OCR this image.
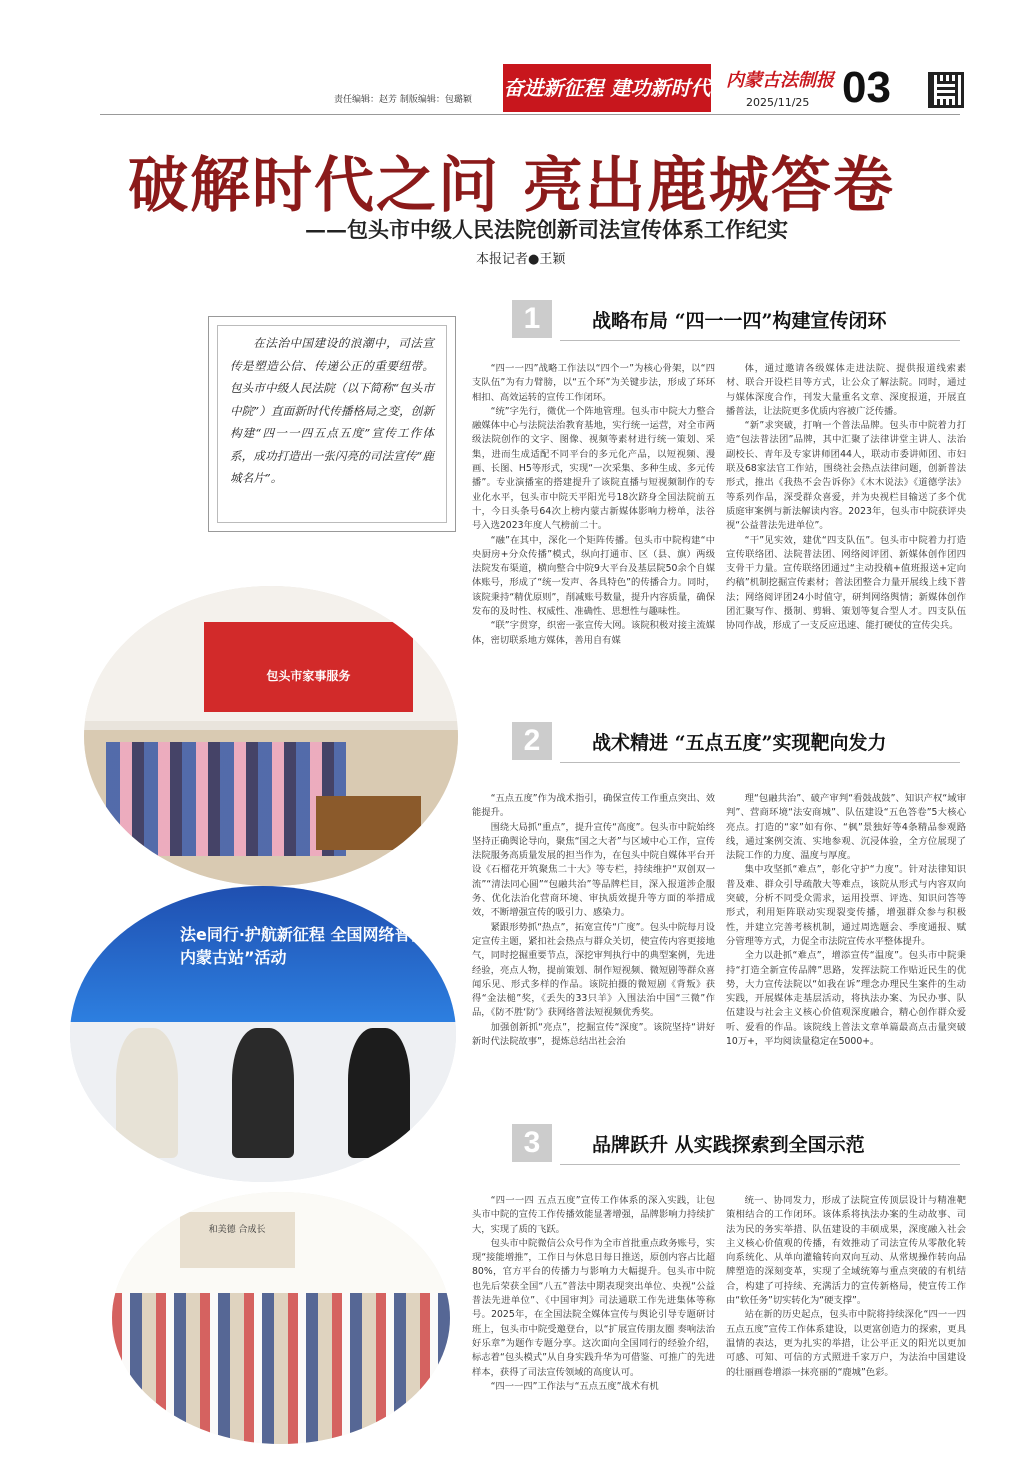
责任编辑：赵芳 制版编辑：包璐颖 奋进新征程 建功新时代 内蒙古法制报
2025/11/25 03
破解时代之问 亮出鹿城答卷
——包头市中级人民法院创新司法宣传体系工作纪实
本报记者●王颖

在法治中国建设的浪潮中，司法宣传是塑造公信、传递公正的重要纽带。包头市中级人民法院（以下简称“包头市中院”）直面新时代传播格局之变，创新构建“四一一四五点五度”宣传工作体系，成功打造出一张闪亮的司法宣传“鹿城名片”。

包头市家事服务
法e同行·护航新征程 全国网络普法行·内蒙古站”活动
和美德 合成长
1	战略布局 “四一一四”构建宣传闭环

“四一一四”战略工作法以“四个一”为核心骨架，以“四支队伍”为有力臂膀，以“五个环”为关键步法，形成了环环相扣、高效运转的宣传工作闭环。

“统”字先行，微优一个阵地管理。包头市中院大力整合融媒体中心与法院法治教育基地，实行统一运营，对全市两级法院创作的文字、图像、视频等素材进行统一策划、采集，进而生成适配不同平台的多元化产品，以短视频、漫画、长图、H5等形式，实现“一次采集、多种生成、多元传播”。专业演播室的搭建提升了该院直播与短视频制作的专业化水平，包头市中院天平阳光号18次跻身全国法院前五十，今日头条号64次上榜内蒙古新媒体影响力榜单，法谷号入选2023年度人气榜前二十。

“融”在其中，深化一个矩阵传播。包头市中院构建“中央厨房+分众传播”模式，纵向打通市、区（县、旗）两级法院发布渠道，横向整合中院9大平台及基层院50余个自媒体账号，形成了“统一发声、各具特色”的传播合力。同时，该院秉持“精优原则”，削减账号数量，提升内容质量，确保发布的及时性、权威性、准确性、思想性与趣味性。

“联”字贯穿，织密一张宣传大网。该院积极对接主流媒体，密切联系地方媒体，善用自有媒

体，通过邀请各级媒体走进法院、提供报道线索素材、联合开设栏目等方式，让公众了解法院。同时，通过与媒体深度合作，刊发大量重名文章、深度报道，开展直播普法，让法院更多优质内容被广泛传播。

“新”求突破，打响一个普法品牌。包头市中院着力打造“包法普法团”品牌，其中汇聚了法律讲堂主讲人、法治副校长、青年及专家讲师团44人，联动市委讲师团、市妇联及68家法官工作站，围绕社会热点法律问题，创新普法形式，推出《我热不会告诉你》《木木说法》《道德学法》等系列作品，深受群众喜爱，并为央视栏目输送了多个优质庭审案例与新法解读内容。2023年，包头市中院获评央视“公益普法先进单位”。

“干”见实效，建优“四支队伍”。包头市中院着力打造宣传联络团、法院普法团、网络阅评团、新媒体创作团四支骨干力量。宣传联络团通过“主动投稿+值班报送+定向约稿”机制挖掘宣传素材；普法团整合力量开展线上线下普法；网络阅评团24小时值守，研判网络舆情；新媒体创作团汇聚写作、摄制、剪辑、策划等复合型人才。四支队伍协同作战，形成了一支反应迅速、能打硬仗的宣传尖兵。

2	战术精进 “五点五度”实现靶向发力

“五点五度”作为战术指引，确保宣传工作重点突出、效能提升。

围绕大局抓“重点”，提升宣传“高度”。包头市中院始终坚持正确舆论导向，聚焦“国之大者”与区域中心工作，宣传法院服务高质量发展的担当作为，在包头中院自媒体平台开设《石榴花开筑聚焦二十大》等专栏，持续维护“双创双一流”“清法同心圆”“包融共治”等品牌栏目，深入报道涉企服务、优化法治化营商环境、审执质效提升等方面的举措成效，不断增强宣传的吸引力、感染力。

紧跟形势抓“热点”，拓宽宣传“广度”。包头中院每月设定宣传主题，紧扣社会热点与群众关切，使宣传内容更接地气，同时挖掘重要节点，深挖审判执行中的典型案例，先进经验，亮点人物，提前策划、制作短视频、微短剧等群众喜闻乐见、形式多样的作品。该院拍摄的微短剧《背叛》获得“金法槌”奖，《丢失的33只羊》入围法治中国“三微”作品，《防不胜‘防’》获网络普法短视频优秀奖。

加强创新抓“亮点”，挖掘宣传“深度”。该院坚持“讲好新时代法院故事”，提炼总结出社会治

理“包融共治”、破产审判“看鼓战鼓”、知识产权“域审判”、营商环境“法安商城”、队伍建设“五色答卷”5大核心亮点。打造的“家”如有你、“枫”景独好等4条精品参观路线，通过案例交流、实地参观、沉浸体验，全方位展现了法院工作的力度、温度与厚度。

集中攻坚抓“难点”，彰化守护“力度”。针对法律知识普及难、群众引导疏散大等难点，该院从形式与内容双向突破，分析不同受众需求，运用投票、评选、知识问答等形式，利用矩阵联动实现裂变传播，增强群众参与积极性，并建立完善考核机制，通过周选题会、季度通报、赋分管理等方式，力促全市法院宣传水平整体提升。

全力以赴抓“难点”，增添宣传“温度”。包头市中院秉持“打造全新宣传品牌”思路，发挥法院工作贴近民生的优势，大力宣传法院以“如我在诉”理念办理民生案件的生动实践，开展媒体走基层活动，将执法办案、为民办事、队伍建设与社会主义核心价值观深度融合，精心创作群众爱听、爱看的作品。该院线上普法文章单篇最高点击量突破10万+，平均阅读量稳定在5000+。

3	品牌跃升 从实践探索到全国示范

“四一一四 五点五度”宣传工作体系的深入实践，让包头市中院的宣传工作传播效能显著增强，品牌影响力持续扩大，实现了质的飞跃。

包头市中院微信公众号作为全市首批重点政务账号，实现“接能增推”，工作日与休息日每日推送，原创内容占比超80%，官方平台的传播力与影响力大幅提升。包头市中院也先后荣获全国“八五”普法中期表现突出单位、央视“公益普法先进单位”、《中国审判》司法通联工作先进集体等称号。2025年，在全国法院全媒体宣传与舆论引导专题研讨班上，包头市中院受邀登台，以“扩展宣传朋友圈 奏响法治好乐章”为题作专题分享。这次面向全国同行的经验介绍，标志着“包头模式”从自身实践升华为可借鉴、可推广的先进样本，获得了司法宣传领域的高度认可。

“四一一四”工作法与“五点五度”战术有机

统一、协同发力，形成了法院宣传顶层设计与精准靶策相结合的工作闭环。该体系将执法办案的生动故事、司法为民的务实举措、队伍建设的丰硕成果，深度融入社会主义核心价值观的传播，有效推动了司法宣传从零散化转向系统化、从单向灌输转向双向互动、从常规操作转向品牌塑造的深刻变革，实现了全域统筹与重点突破的有机结合，构建了可持续、充满活力的宣传新格局，使宣传工作由“软任务”切实转化为“硬支撑”。

站在新的历史起点，包头市中院将持续深化“四一一四 五点五度”宣传工作体系建设，以更富创造力的探索，更具温情的表达，更为扎实的举措，让公平正义的阳光以更加可感、可知、可信的方式照进千家万户，为法治中国建设的壮丽画卷增添一抹亮丽的“鹿城”色彩。
